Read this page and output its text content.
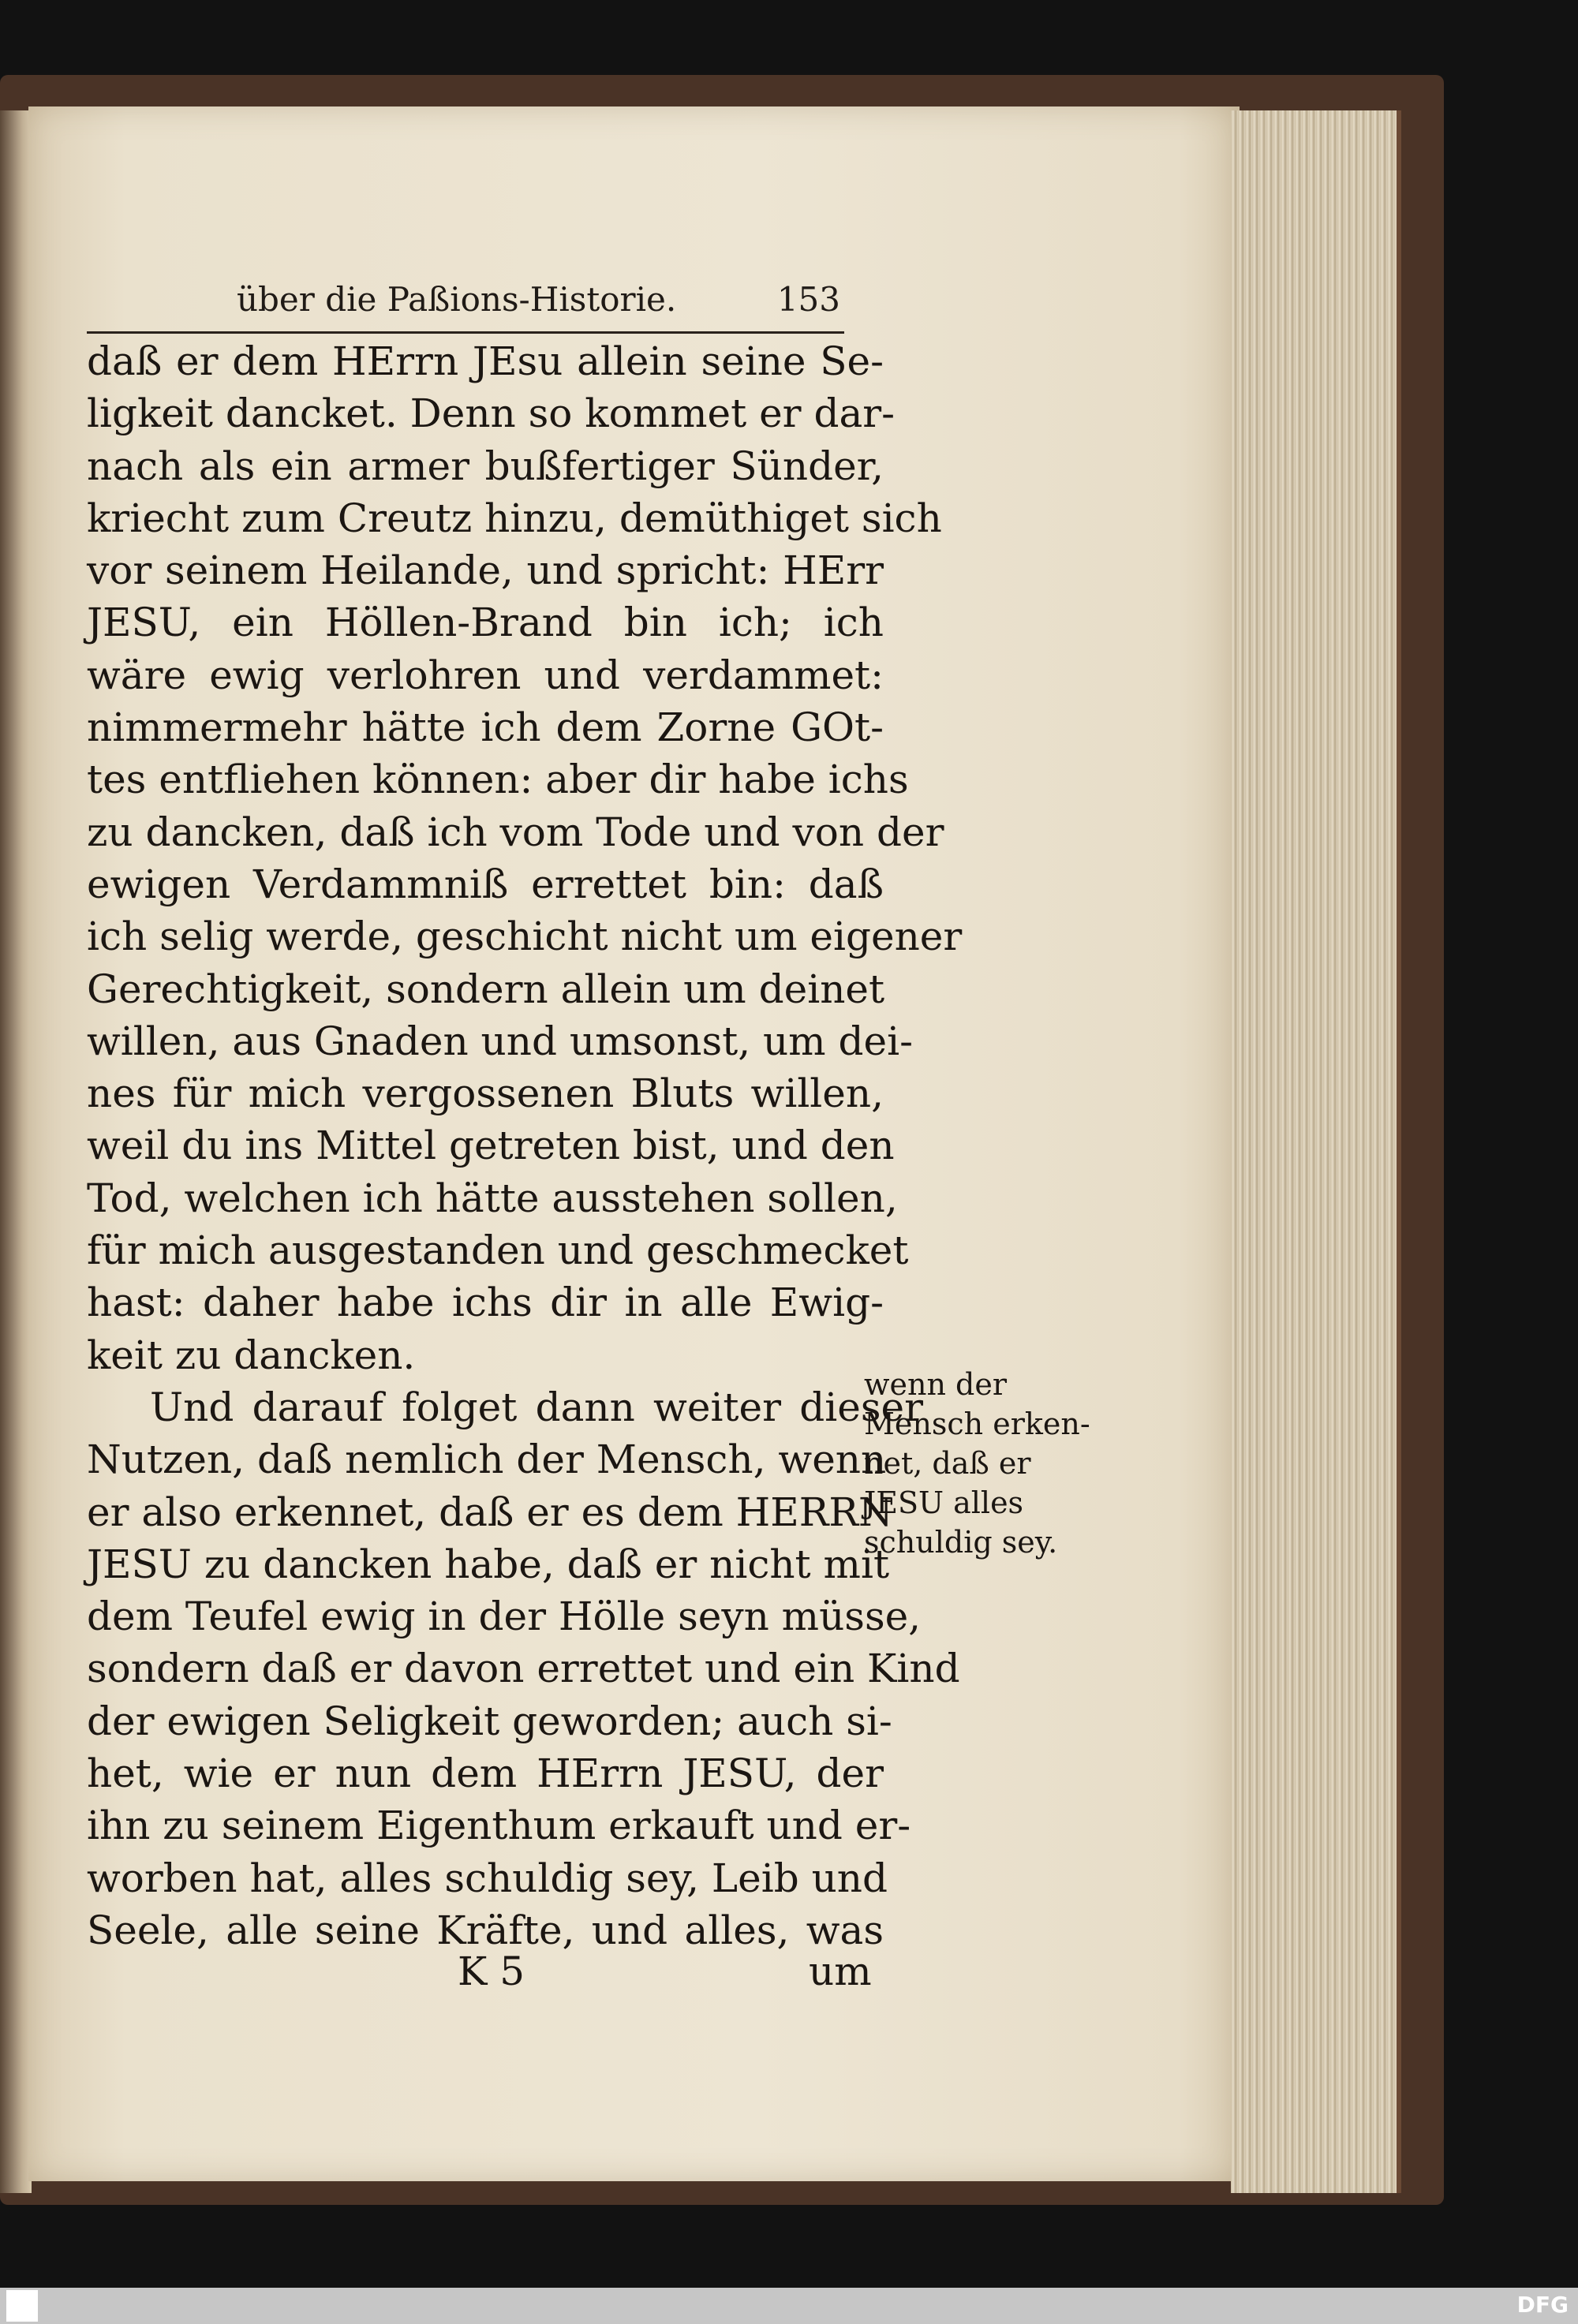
über die Paßions-Historie.	153
daß er dem HErrn JEsu allein seine Se-
ligkeit dancket. Denn so kommet er dar-
nach als ein armer bußfertiger Sünder,
kriecht zum Creutz hinzu, demüthiget sich
vor seinem Heilande, und spricht: HErr
JESU, ein Höllen-Brand bin ich; ich
wäre ewig verlohren und verdammet:
nimmermehr hätte ich dem Zorne GOt-
tes entfliehen können: aber dir habe ichs
zu dancken, daß ich vom Tode und von der
ewigen Verdammniß errettet bin: daß
ich selig werde, geschicht nicht um eigener
Gerechtigkeit, sondern allein um deinet
willen, aus Gnaden und umsonst, um dei-
nes für mich vergossenen Bluts willen,
weil du ins Mittel getreten bist, und den
Tod, welchen ich hätte ausstehen sollen,
für mich ausgestanden und geschmecket
hast: daher habe ichs dir in alle Ewig-
keit zu dancken.
Und darauf folget dann weiter dieser
Nutzen, daß nemlich der Mensch, wenn
er also erkennet, daß er es dem HERRN
JESU zu dancken habe, daß er nicht mit
dem Teufel ewig in der Hölle seyn müsse,
sondern daß er davon errettet und ein Kind
der ewigen Seligkeit geworden; auch si-
het, wie er nun dem HErrn JESU, der
ihn zu seinem Eigenthum erkauft und er-
worben hat, alles schuldig sey, Leib und
Seele, alle seine Kräfte, und alles, was
wenn der
Mensch erken-
net, daß er
JESU alles
schuldig sey.
K 5	um
DFG
